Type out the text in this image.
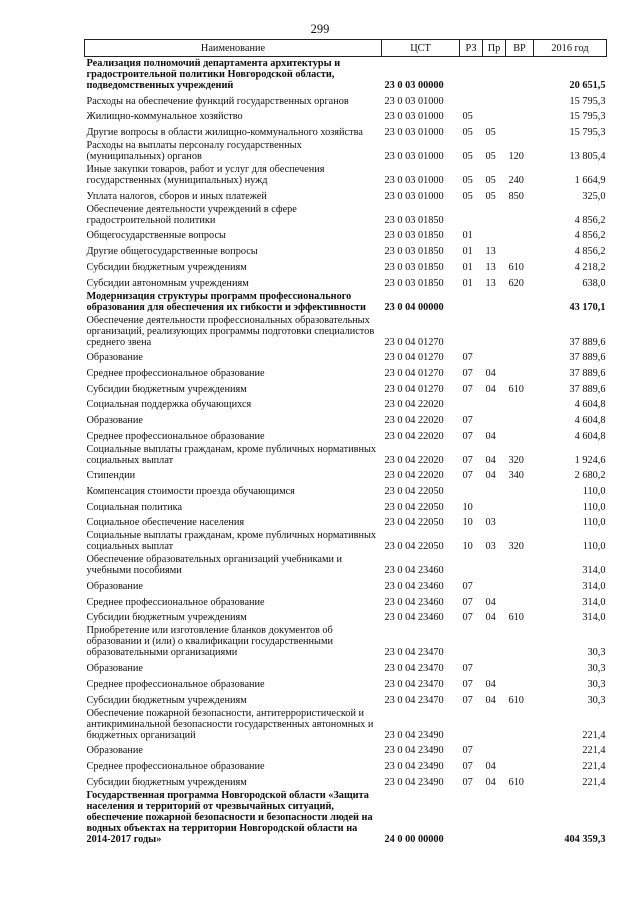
299
Наименование	ЦСТ	РЗ	Пр	ВР	2016 год
Реализация полномочий департамента архитектуры и градостроительной политики Новгородской области, подведомственных учреждений	23 0 03 00000				20 651,5
Расходы на обеспечение функций государственных органов	23 0 03 01000				15 795,3
Жилищно-коммунальное хозяйство	23 0 03 01000	05			15 795,3
Другие вопросы в области жилищно-коммунального хозяйства	23 0 03 01000	05	05		15 795,3
Расходы на выплаты персоналу государственных (муниципальных) органов	23 0 03 01000	05	05	120	13 805,4
Иные закупки товаров, работ и услуг для обеспечения государственных (муниципальных) нужд	23 0 03 01000	05	05	240	1 664,9
Уплата налогов, сборов и иных платежей	23 0 03 01000	05	05	850	325,0
Обеспечение деятельности учреждений в сфере градостроительной политики	23 0 03 01850				4 856,2
Общегосударственные вопросы	23 0 03 01850	01			4 856,2
Другие общегосударственные вопросы	23 0 03 01850	01	13		4 856,2
Субсидии бюджетным учреждениям	23 0 03 01850	01	13	610	4 218,2
Субсидии автономным учреждениям	23 0 03 01850	01	13	620	638,0
Модернизация структуры программ профессионального образования для обеспечения их гибкости и эффективности	23 0 04 00000				43 170,1
Обеспечение деятельности профессиональных образовательных организаций, реализующих программы подготовки специалистов среднего звена	23 0 04 01270				37 889,6
Образование	23 0 04 01270	07			37 889,6
Среднее профессиональное образование	23 0 04 01270	07	04		37 889,6
Субсидии бюджетным учреждениям	23 0 04 01270	07	04	610	37 889,6
Социальная поддержка обучающихся	23 0 04 22020				4 604,8
Образование	23 0 04 22020	07			4 604,8
Среднее профессиональное образование	23 0 04 22020	07	04		4 604,8
Социальные выплаты гражданам, кроме публичных нормативных социальных выплат	23 0 04 22020	07	04	320	1 924,6
Стипендии	23 0 04 22020	07	04	340	2 680,2
Компенсация стоимости проезда обучающимся	23 0 04 22050				110,0
Социальная политика	23 0 04 22050	10			110,0
Социальное обеспечение населения	23 0 04 22050	10	03		110,0
Социальные выплаты гражданам, кроме публичных нормативных социальных выплат	23 0 04 22050	10	03	320	110,0
Обеспечение образовательных организаций учебниками и учебными пособиями	23 0 04 23460				314,0
Образование	23 0 04 23460	07			314,0
Среднее профессиональное образование	23 0 04 23460	07	04		314,0
Субсидии бюджетным учреждениям	23 0 04 23460	07	04	610	314,0
Приобретение или изготовление бланков документов об образовании и (или) о квалификации государственными образовательными организациями	23 0 04 23470				30,3
Образование	23 0 04 23470	07			30,3
Среднее профессиональное образование	23 0 04 23470	07	04		30,3
Субсидии бюджетным учреждениям	23 0 04 23470	07	04	610	30,3
Обеспечение пожарной безопасности, антитеррористической и антикриминальной безопасности государственных автономных и бюджетных организаций	23 0 04 23490				221,4
Образование	23 0 04 23490	07			221,4
Среднее профессиональное образование	23 0 04 23490	07	04		221,4
Субсидии бюджетным учреждениям	23 0 04 23490	07	04	610	221,4
Государственная программа Новгородской области «Защита населения и территорий от чрезвычайных ситуаций, обеспечение пожарной безопасности и безопасности людей на водных объектах на территории Новгородской области на 2014-2017 годы»	24 0 00 00000				404 359,3
